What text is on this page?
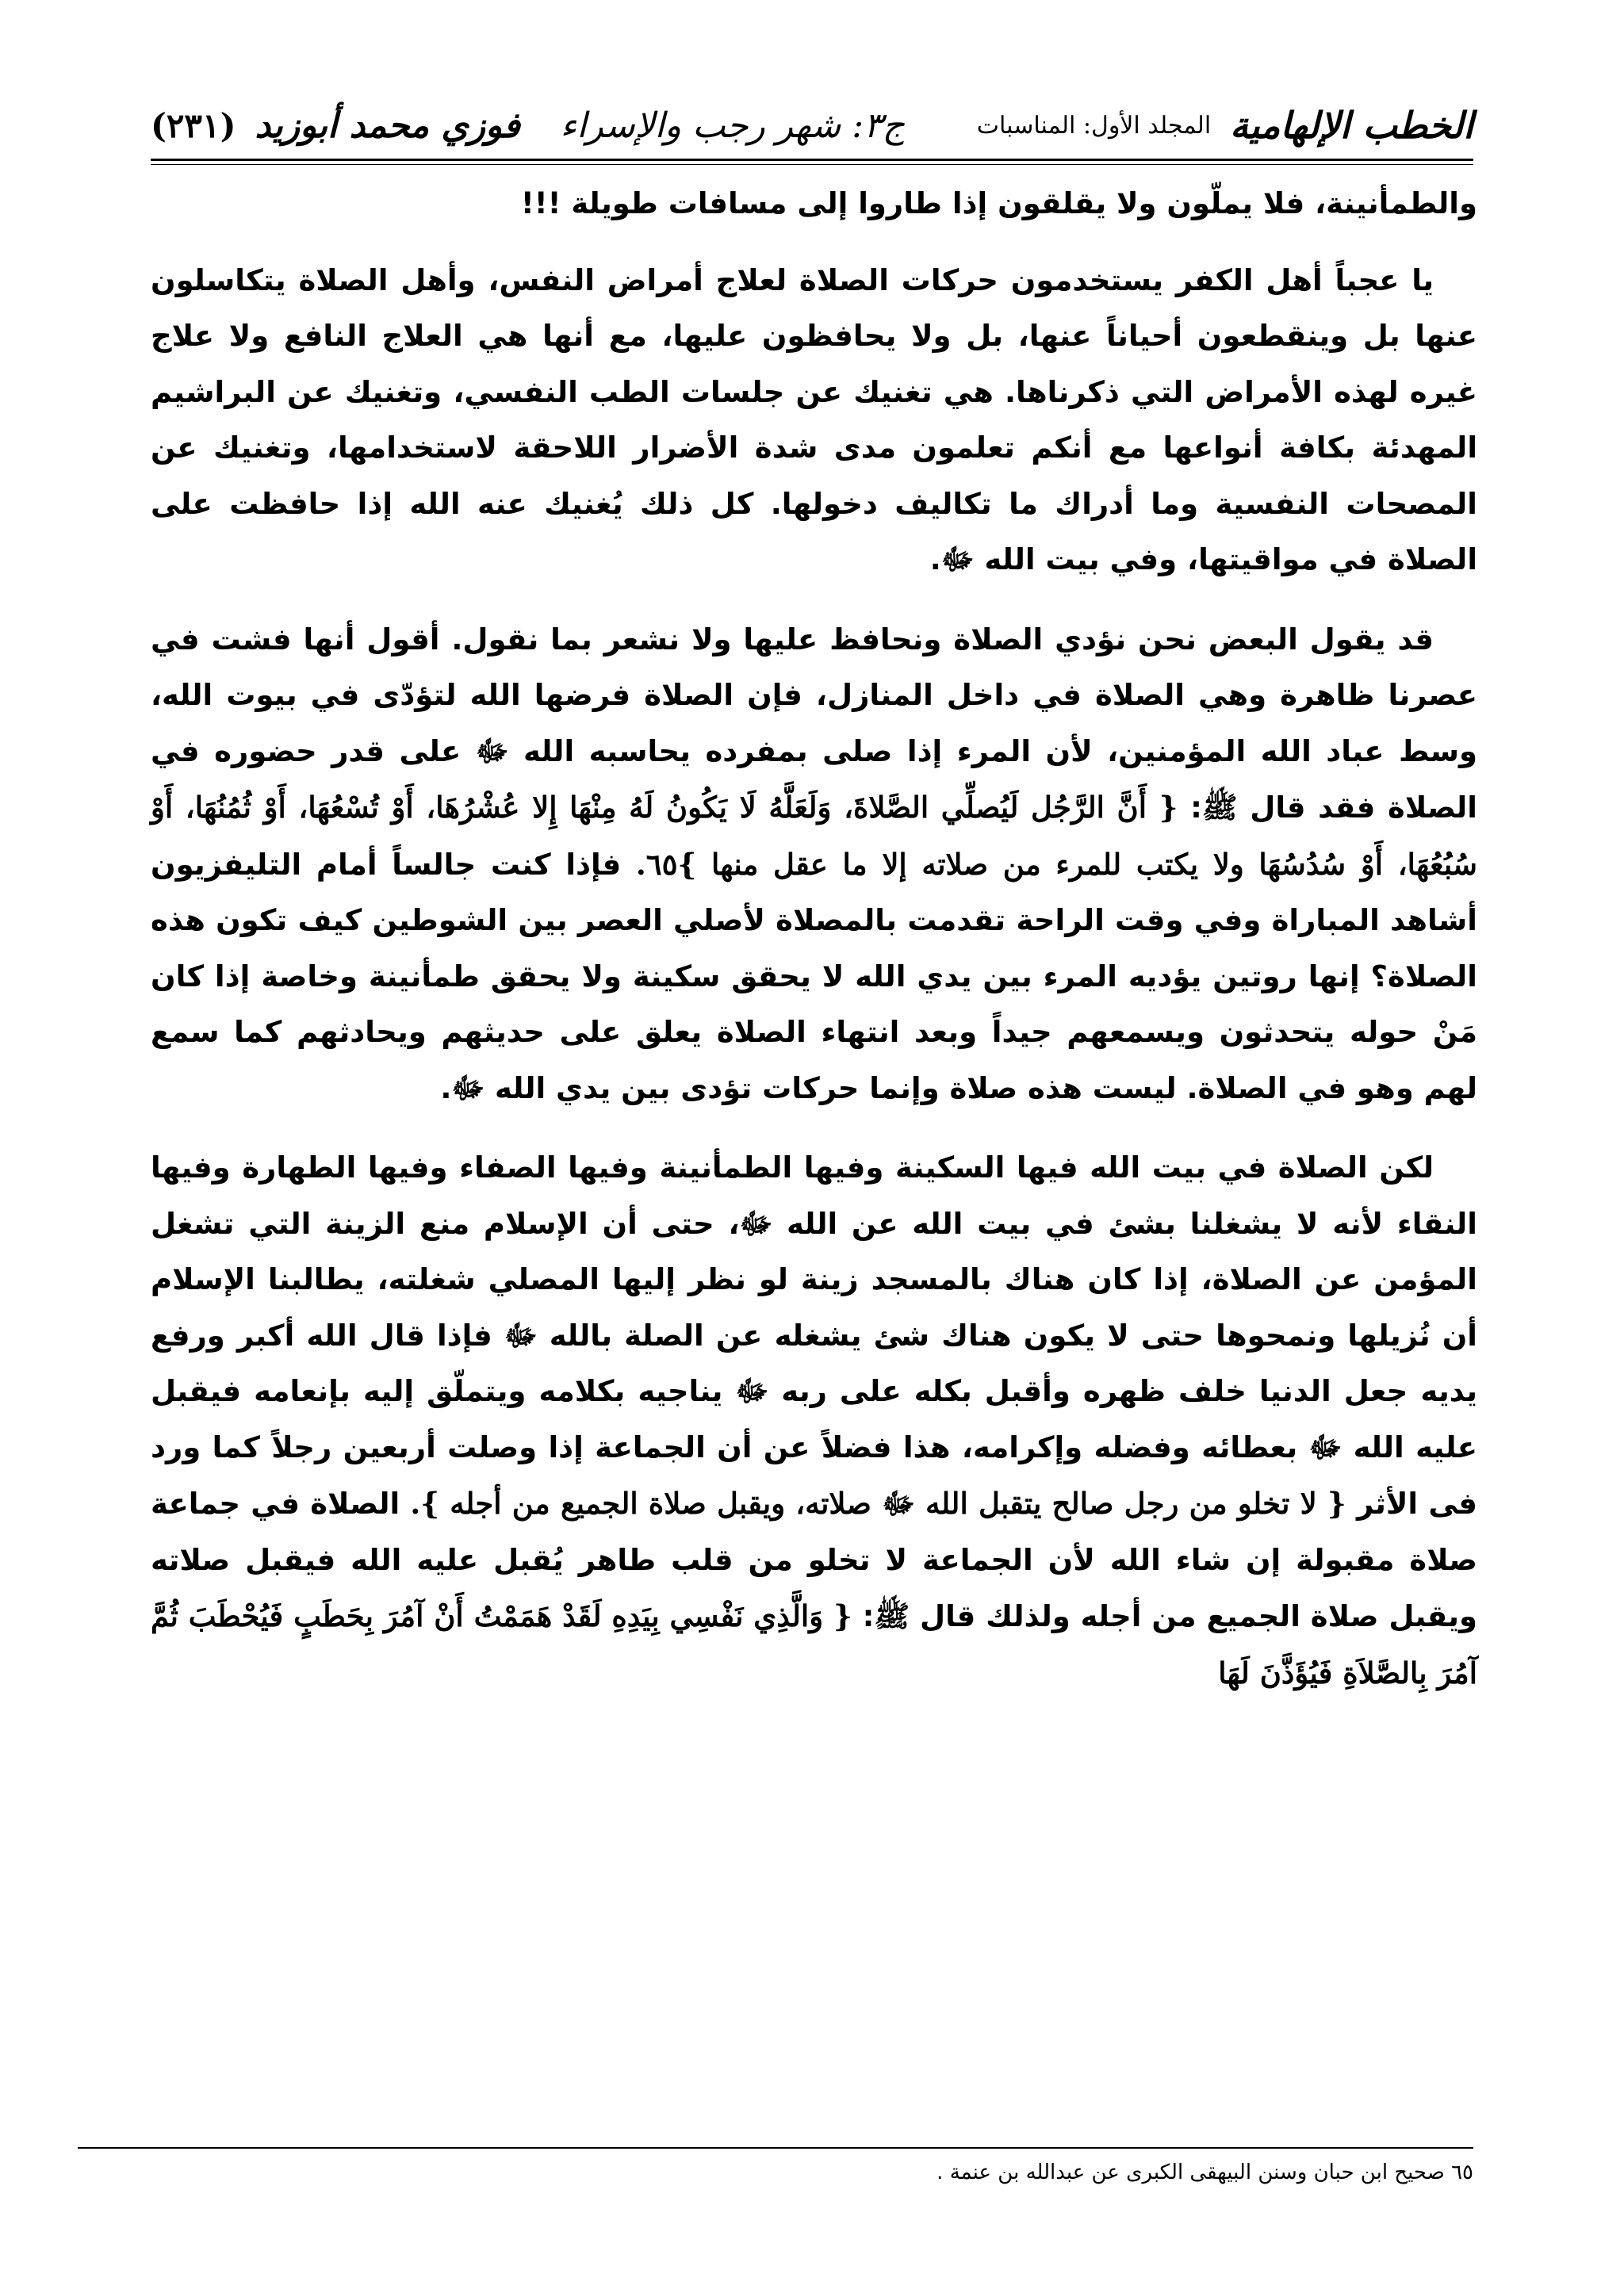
الخطب الإلهامية
المجلد الأول: المناسبات
ج٣: شهر رجب والإسراء
فوزي محمد أبوزيد
(٢٣١)

والطمأنينة، فلا يملّون ولا يقلقون إذا طاروا إلى مسافات طويلة !!!

يا عجباً أهل الكفر يستخدمون حركات الصلاة لعلاج أمراض النفس، وأهل الصلاة يتكاسلون عنها بل وينقطعون أحياناً عنها، بل ولا يحافظون عليها، مع أنها هي العلاج النافع ولا علاج غيره لهذه الأمراض التي ذكرناها. هي تغنيك عن جلسات الطب النفسي، وتغنيك عن البراشيم المهدئة بكافة أنواعها مع أنكم تعلمون مدى شدة الأضرار اللاحقة لاستخدامها، وتغنيك عن المصحات النفسية وما أدراك ما تكاليف دخولها. كل ذلك يُغنيك عنه الله إذا حافظت على الصلاة في مواقيتها، وفي بيت الله ﷻ.

قد يقول البعض نحن نؤدي الصلاة ونحافظ عليها ولا نشعر بما نقول. أقول أنها فشت في عصرنا ظاهرة وهي الصلاة في داخل المنازل، فإن الصلاة فرضها الله لتؤدّى في بيوت الله، وسط عباد الله المؤمنين، لأن المرء إذا صلى بمفرده يحاسبه الله ﷻ على قدر حضوره في الصلاة فقد قال ﷺ: { أَنَّ الرَّجُل لَيُصلِّي الصَّلاةَ، وَلَعَلَّهُ لَا يَكُونُ لَهُ مِنْهَا إِلا عُشْرُهَا، أَوْ تُسْعُهَا، أَوْ ثُمُنُهَا، أَوْ سُبُعُهَا، أَوْ سُدُسُهَا ولا يكتب للمرء من صلاته إلا ما عقل منها }٦٥. فإذا كنت جالساً أمام التليفزيون أشاهد المباراة وفي وقت الراحة تقدمت بالمصلاة لأصلي العصر بين الشوطين كيف تكون هذه الصلاة؟ إنها روتين يؤديه المرء بين يدي الله لا يحقق سكينة ولا يحقق طمأنينة وخاصة إذا كان مَنْ حوله يتحدثون ويسمعهم جيداً وبعد انتهاء الصلاة يعلق على حديثهم ويحادثهم كما سمع لهم وهو في الصلاة. ليست هذه صلاة وإنما حركات تؤدى بين يدي الله ﷻ.

لكن الصلاة في بيت الله فيها السكينة وفيها الطمأنينة وفيها الصفاء وفيها الطهارة وفيها النقاء لأنه لا يشغلنا بشئ في بيت الله عن الله ﷻ، حتى أن الإسلام منع الزينة التي تشغل المؤمن عن الصلاة، إذا كان هناك بالمسجد زينة لو نظر إليها المصلي شغلته، يطالبنا الإسلام أن نُزيلها ونمحوها حتى لا يكون هناك شئ يشغله عن الصلة بالله ﷻ فإذا قال الله أكبر ورفع يديه جعل الدنيا خلف ظهره وأقبل بكله على ربه ﷻ يناجيه بكلامه ويتملّق إليه بإنعامه فيقبل عليه الله ﷻ بعطائه وفضله وإكرامه، هذا فضلاً عن أن الجماعة إذا وصلت أربعين رجلاً كما ورد فى الأثر { لا تخلو من رجل صالح يتقبل الله ﷻ صلاته، ويقبل صلاة الجميع من أجله }. الصلاة في جماعة صلاة مقبولة إن شاء الله لأن الجماعة لا تخلو من قلب طاهر يُقبل عليه الله فيقبل صلاته ويقبل صلاة الجميع من أجله ولذلك قال ﷺ: { وَالَّذِي نَفْسِي بِيَدِهِ لَقَدْ هَمَمْتُ أَنْ آمُرَ بِحَطَبٍ فَيُحْطَبَ ثُمَّ آمُرَ بِالصَّلاَةِ فَيُؤَذَّنَ لَهَا

٦٥ صحيح ابن حبان وسنن البيهقى الكبرى عن عبدالله بن عنمة .
